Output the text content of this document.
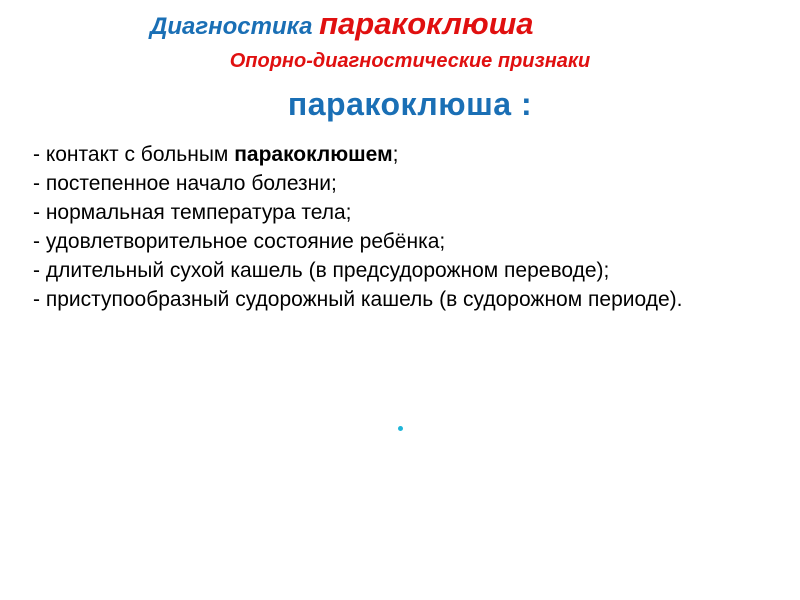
Диагностика паракоклюша
Опорно-диагностические признаки
паракоклюша :
- контакт с больным паракоклюшем;
- постепенное начало болезни;
- нормальная температура тела;
- удовлетворительное состояние ребёнка;
- длительный сухой кашель (в предсудорожном переводе);
- приступообразный судорожный кашель (в судорожном периоде).
